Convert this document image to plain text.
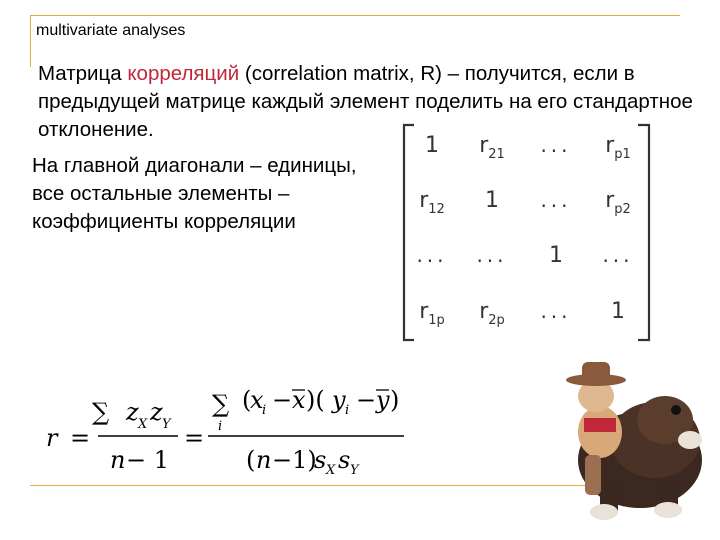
multivariate analyses
Матрица корреляций (correlation matrix, R) – получится, если в предыдущей матрице каждый элемент поделить на его стандартное отклонение.
На главной диагонали – единицы, все остальные элементы – коэффициенты корреляции
1 $r_{21}$ ... $r_{p1}$
$r_{12}$ 1 ... $r_{p2}$
... ... 1 ...
$r_{1p}$ $r_{2p}$ ... 1
r =
∑ z X z Y
n − 1
=
∑
i
(
x
i − x )( y i − y )
( n −1)
s X s Y
